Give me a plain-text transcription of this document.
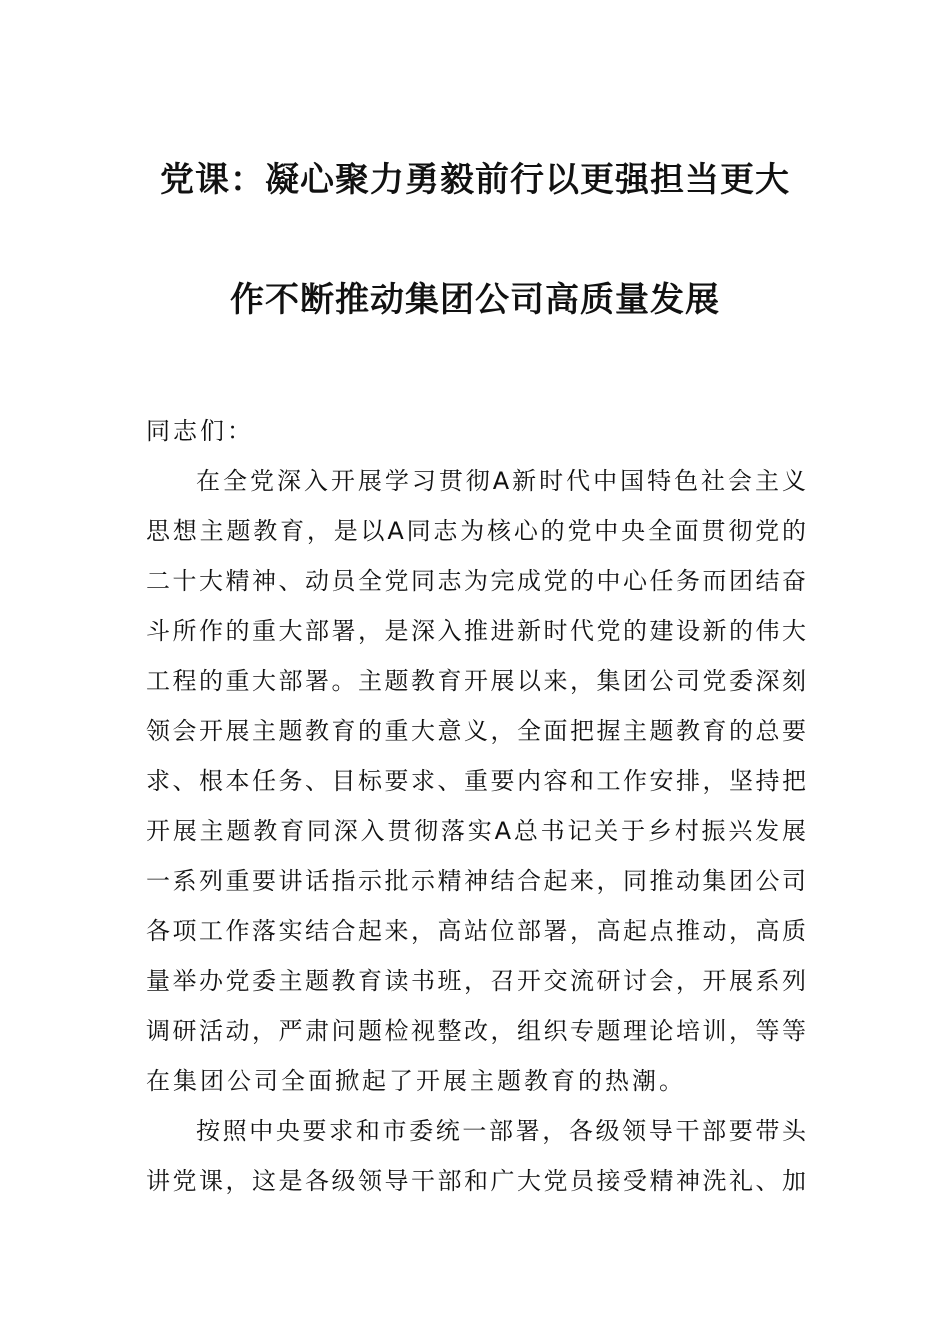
党课：凝心聚力勇毅前行以更强担当更大
作不断推动集团公司高质量发展
同志们：
在全党深入开展学习贯彻A新时代中国特色社会主义
思想主题教育，是以A同志为核心的党中央全面贯彻党的
二十大精神、动员全党同志为完成党的中心任务而团结奋
斗所作的重大部署，是深入推进新时代党的建设新的伟大
工程的重大部署。主题教育开展以来，集团公司党委深刻
领会开展主题教育的重大意义，全面把握主题教育的总要
求、根本任务、目标要求、重要内容和工作安排，坚持把
开展主题教育同深入贯彻落实A总书记关于乡村振兴发展
一系列重要讲话指示批示精神结合起来，同推动集团公司
各项工作落实结合起来，高站位部署，高起点推动，高质
量举办党委主题教育读书班，召开交流研讨会，开展系列
调研活动，严肃问题检视整改，组织专题理论培训，等等
在集团公司全面掀起了开展主题教育的热潮。
按照中央要求和市委统一部署，各级领导干部要带头
讲党课，这是各级领导干部和广大党员接受精神洗礼、加
